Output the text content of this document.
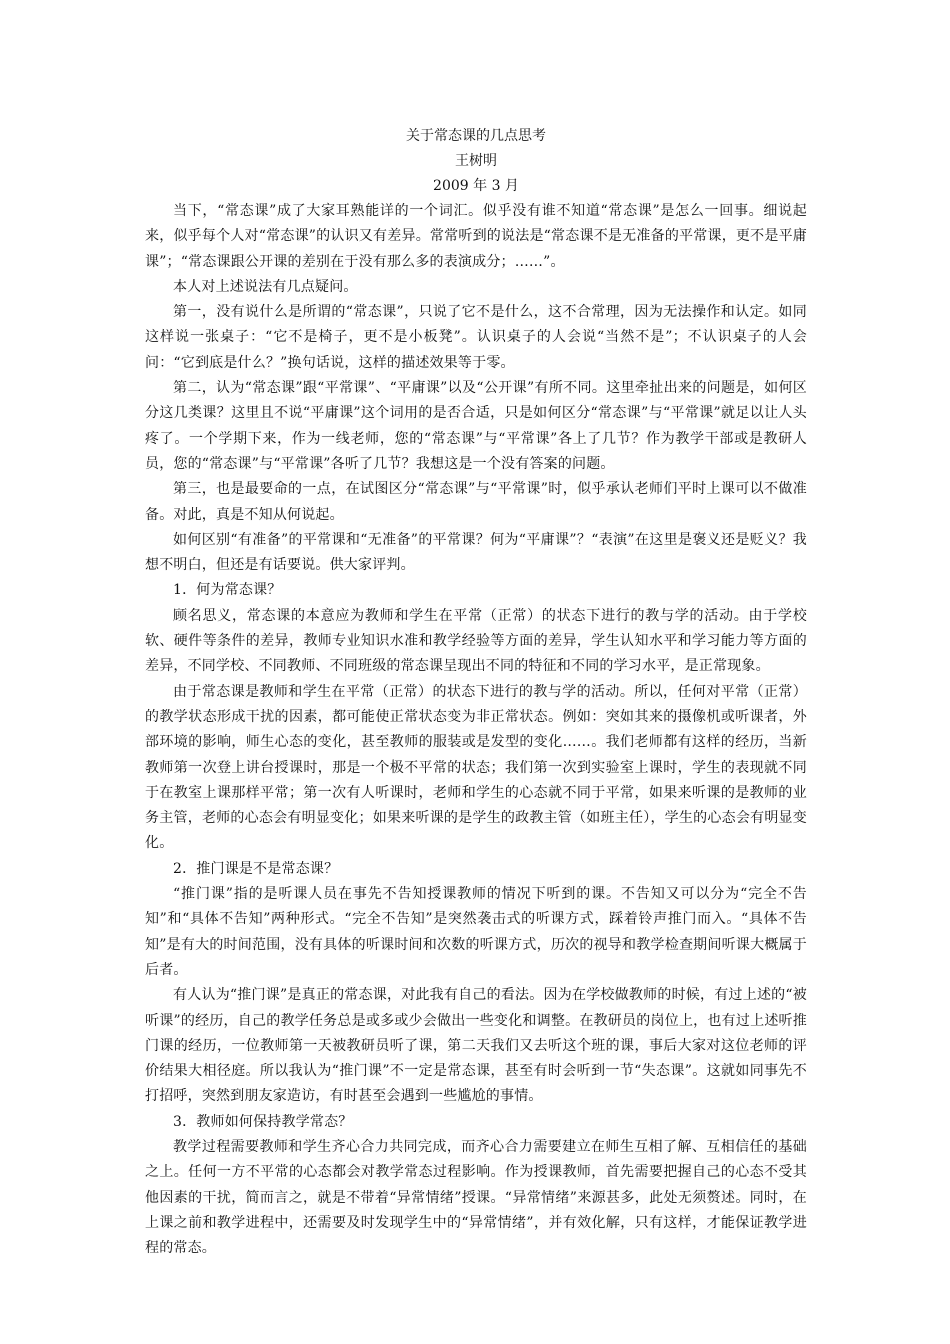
关于常态课的几点思考

王树明

2009 年 3 月

当下，“常态课”成了大家耳熟能详的一个词汇。似乎没有谁不知道“常态课”是怎么一回事。细说起来，似乎每个人对“常态课”的认识又有差异。常常听到的说法是“常态课不是无准备的平常课，更不是平庸课”；“常态课跟公开课的差别在于没有那么多的表演成分；……”。

本人对上述说法有几点疑问。

第一，没有说什么是所谓的“常态课”，只说了它不是什么，这不合常理，因为无法操作和认定。如同这样说一张桌子：“它不是椅子，更不是小板凳”。认识桌子的人会说“当然不是”；不认识桌子的人会问：“它到底是什么？”换句话说，这样的描述效果等于零。

第二，认为“常态课”跟“平常课”、“平庸课”以及“公开课”有所不同。这里牵扯出来的问题是，如何区分这几类课？这里且不说“平庸课”这个词用的是否合适，只是如何区分“常态课”与“平常课”就足以让人头疼了。一个学期下来，作为一线老师，您的“常态课”与“平常课”各上了几节？作为教学干部或是教研人员，您的“常态课”与“平常课”各听了几节？我想这是一个没有答案的问题。

第三，也是最要命的一点，在试图区分“常态课”与“平常课”时，似乎承认老师们平时上课可以不做准备。对此，真是不知从何说起。

如何区别“有准备”的平常课和“无准备”的平常课？何为“平庸课”？“表演”在这里是褒义还是贬义？我想不明白，但还是有话要说。供大家评判。

1．何为常态课？

顾名思义，常态课的本意应为教师和学生在平常（正常）的状态下进行的教与学的活动。由于学校软、硬件等条件的差异，教师专业知识水准和教学经验等方面的差异，学生认知水平和学习能力等方面的差异，不同学校、不同教师、不同班级的常态课呈现出不同的特征和不同的学习水平，是正常现象。

由于常态课是教师和学生在平常（正常）的状态下进行的教与学的活动。所以，任何对平常（正常）的教学状态形成干扰的因素，都可能使正常状态变为非正常状态。例如：突如其来的摄像机或听课者，外部环境的影响，师生心态的变化，甚至教师的服装或是发型的变化……。我们老师都有这样的经历，当新教师第一次登上讲台授课时，那是一个极不平常的状态；我们第一次到实验室上课时，学生的表现就不同于在教室上课那样平常；第一次有人听课时，老师和学生的心态就不同于平常，如果来听课的是教师的业务主管，老师的心态会有明显变化；如果来听课的是学生的政教主管（如班主任），学生的心态会有明显变化。

2．推门课是不是常态课？

“推门课”指的是听课人员在事先不告知授课教师的情况下听到的课。不告知又可以分为“完全不告知”和“具体不告知”两种形式。“完全不告知”是突然袭击式的听课方式，踩着铃声推门而入。“具体不告知”是有大的时间范围，没有具体的听课时间和次数的听课方式，历次的视导和教学检查期间听课大概属于后者。

有人认为“推门课”是真正的常态课，对此我有自己的看法。因为在学校做教师的时候，有过上述的“被听课”的经历，自己的教学任务总是或多或少会做出一些变化和调整。在教研员的岗位上，也有过上述听推门课的经历，一位教师第一天被教研员听了课，第二天我们又去听这个班的课，事后大家对这位老师的评价结果大相径庭。所以我认为“推门课”不一定是常态课，甚至有时会听到一节“失态课”。这就如同事先不打招呼，突然到朋友家造访，有时甚至会遇到一些尴尬的事情。

3．教师如何保持教学常态？

教学过程需要教师和学生齐心合力共同完成，而齐心合力需要建立在师生互相了解、互相信任的基础之上。任何一方不平常的心态都会对教学常态过程影响。作为授课教师，首先需要把握自己的心态不受其他因素的干扰，简而言之，就是不带着“异常情绪”授课。“异常情绪”来源甚多，此处无须赘述。同时，在上课之前和教学进程中，还需要及时发现学生中的“异常情绪”，并有效化解，只有这样，才能保证教学进程的常态。
